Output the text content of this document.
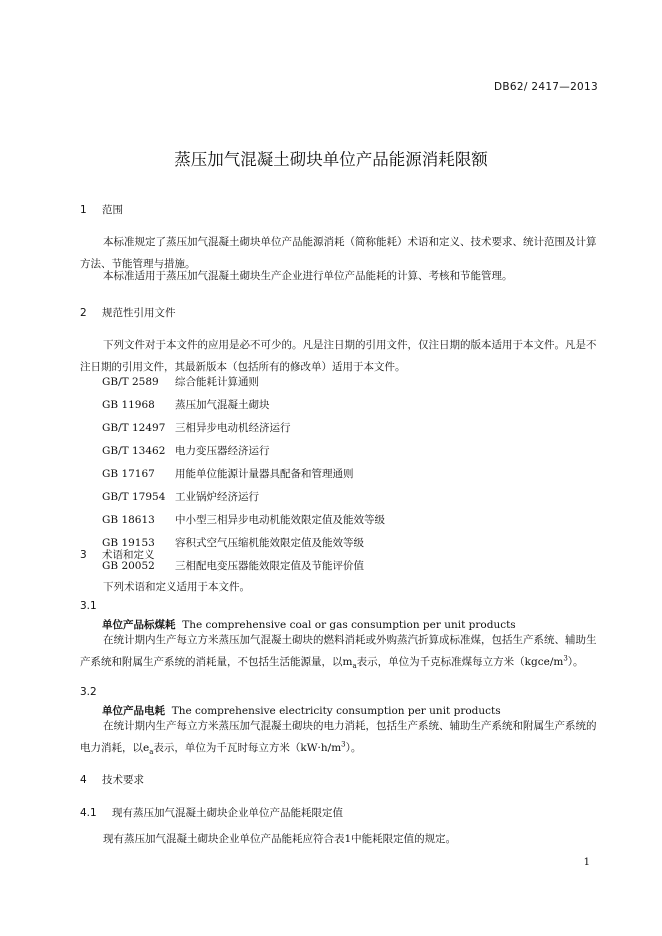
DB62/ 2417—2013
蒸压加气混凝土砌块单位产品能源消耗限额
1 范围
本标准规定了蒸压加气混凝土砌块单位产品能源消耗（简称能耗）术语和定义、技术要求、统计范围及计算方法、节能管理与措施。
本标准适用于蒸压加气混凝土砌块生产企业进行单位产品能耗的计算、考核和节能管理。
2 规范性引用文件
下列文件对于本文件的应用是必不可少的。凡是注日期的引用文件，仅注日期的版本适用于本文件。凡是不注日期的引用文件，其最新版本（包括所有的修改单）适用于本文件。
GB/T 2589 综合能耗计算通则
GB 11968 蒸压加气混凝土砌块
GB/T 12497 三相异步电动机经济运行
GB/T 13462 电力变压器经济运行
GB 17167 用能单位能源计量器具配备和管理通则
GB/T 17954 工业锅炉经济运行
GB 18613 中小型三相异步电动机能效限定值及能效等级
GB 19153 容积式空气压缩机能效限定值及能效等级
GB 20052 三相配电变压器能效限定值及节能评价值
3 术语和定义
下列术语和定义适用于本文件。
3.1
单位产品标煤耗 The comprehensive coal or gas consumption per unit products
在统计期内生产每立方米蒸压加气混凝土砌块的燃料消耗或外购蒸汽折算成标准煤，包括生产系统、辅助生产系统和附属生产系统的消耗量，不包括生活能源量，以$m_a$表示，单位为千克标准煤每立方米$(kgce/m^3)$。
3.2
单位产品电耗 The comprehensive electricity consumption per unit products
在统计期内生产每立方米蒸压加气混凝土砌块的电力消耗，包括生产系统、辅助生产系统和附属生产系统的电力消耗，以$e_a$表示，单位为千瓦时每立方米$(kW\cdot h/m^3)$。
4 技术要求
1
4.1 现有蒸压加气混凝土砌块企业单位产品能耗限定值
现有蒸压加气混凝土砌块企业单位产品能耗应符合表1中能耗限定值的规定。
